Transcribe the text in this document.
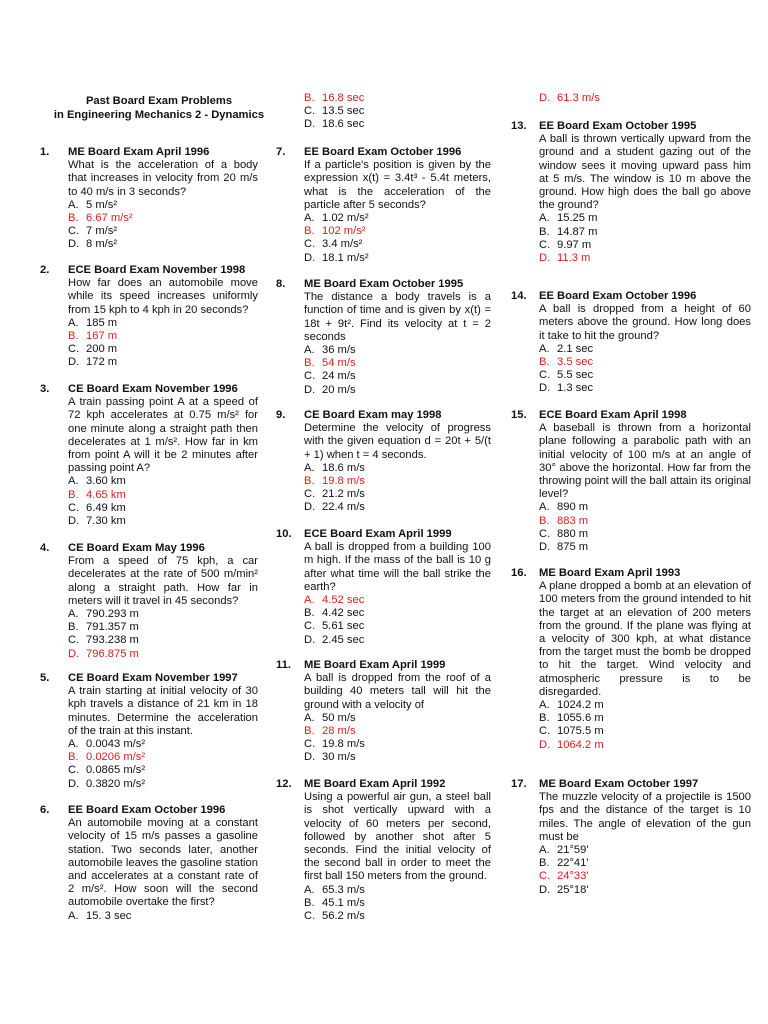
Past Board Exam Problems
in Engineering Mechanics 2 - Dynamics
1.	ME Board Exam April 1996
What is the acceleration of a body that increases in velocity from 20 m/s to 40 m/s in 3 seconds?
A. 5 m/s²
B. 6.67 m/s²
C. 7 m/s²
D. 8 m/s²
2.	ECE Board Exam November 1998
How far does an automobile move while its speed increases uniformly from 15 kph to 4 kph in 20 seconds?
A. 185 m
B. 167 m
C. 200 m
D. 172 m
3.	CE Board Exam November 1996
A train passing point A at a speed of 72 kph accelerates at 0.75 m/s² for one minute along a straight path then decelerates at 1 m/s². How far in km from point A will it be 2 minutes after passing point A?
A. 3.60 km
B. 4.65 km
C. 6.49 km
D. 7.30 km
4.	CE Board Exam May 1996
From a speed of 75 kph, a car decelerates at the rate of 500 m/min² along a straight path. How far in meters will it travel in 45 seconds?
A. 790.293 m
B. 791.357 m
C. 793.238 m
D. 796.875 m
5.	CE Board Exam November 1997
A train starting at initial velocity of 30 kph travels a distance of 21 km in 18 minutes. Determine the acceleration of the train at this instant.
A. 0.0043 m/s²
B. 0.0206 m/s²
C. 0.0865 m/s²
D. 0.3820 m/s²
6.	EE Board Exam October 1996
An automobile moving at a constant velocity of 15 m/s passes a gasoline station. Two seconds later, another automobile leaves the gasoline station and accelerates at a constant rate of 2 m/s². How soon will the second automobile overtake the first?
A. 15. 3 sec
B. 16.8 sec
C. 13.5 sec
D. 18.6 sec
7.	EE Board Exam October 1996
If a particle's position is given by the expression x(t) = 3.4t³ - 5.4t meters, what is the acceleration of the particle after 5 seconds?
A. 1.02 m/s²
B. 102 m/s²
C. 3.4 m/s²
D. 18.1 m/s²
8.	ME Board Exam October 1995
The distance a body travels is a function of time and is given by x(t) = 18t + 9t². Find its velocity at t = 2 seconds
A. 36 m/s
B. 54 m/s
C. 24 m/s
D. 20 m/s
9.	CE Board Exam may 1998
Determine the velocity of progress with the given equation d = 20t + 5/(t + 1) when t = 4 seconds.
A. 18.6 m/s
B. 19.8 m/s
C. 21.2 m/s
D. 22.4 m/s
10.	ECE Board Exam April 1999
A ball is dropped from a building 100 m high. If the mass of the ball is 10 g after what time will the ball strike the earth?
A. 4.52 sec
B. 4.42 sec
C. 5.61 sec
D. 2.45 sec
11.	ME Board Exam April 1999
A ball is dropped from the roof of a building 40 meters tall will hit the ground with a velocity of
A. 50 m/s
B. 28 m/s
C. 19.8 m/s
D. 30 m/s
12.	ME Board Exam April 1992
Using a powerful air gun, a steel ball is shot vertically upward with a velocity of 60 meters per second, followed by another shot after 5 seconds. Find the initial velocity of the second ball in order to meet the first ball 150 meters from the ground.
A. 65.3 m/s
B. 45.1 m/s
C. 56.2 m/s
D. 61.3 m/s
13.	EE Board Exam October 1995
A ball is thrown vertically upward from the ground and a student gazing out of the window sees it moving upward pass him at 5 m/s. The window is 10 m above the ground. How high does the ball go above the ground?
A. 15.25 m
B. 14.87 m
C. 9.97 m
D. 11.3 m
14.	EE Board Exam October 1996
A ball is dropped from a height of 60 meters above the ground. How long does it take to hit the ground?
A. 2.1 sec
B. 3.5 sec
C. 5.5 sec
D. 1.3 sec
15.	ECE Board Exam April 1998
A baseball is thrown from a horizontal plane following a parabolic path with an initial velocity of 100 m/s at an angle of 30° above the horizontal. How far from the throwing point will the ball attain its original level?
A. 890 m
B. 883 m
C. 880 m
D. 875 m
16.	ME Board Exam April 1993
A plane dropped a bomb at an elevation of 100 meters from the ground intended to hit the target at an elevation of 200 meters from the ground. If the plane was flying at a velocity of 300 kph, at what distance from the target must the bomb be dropped to hit the target. Wind velocity and atmospheric pressure is to be disregarded.
A. 1024.2 m
B. 1055.6 m
C. 1075.5 m
D. 1064.2 m
17.	ME Board Exam October 1997
The muzzle velocity of a projectile is 1500 fps and the distance of the target is 10 miles. The angle of elevation of the gun must be
A. 21°59'
B. 22°41'
C. 24°33'
D. 25°18'
